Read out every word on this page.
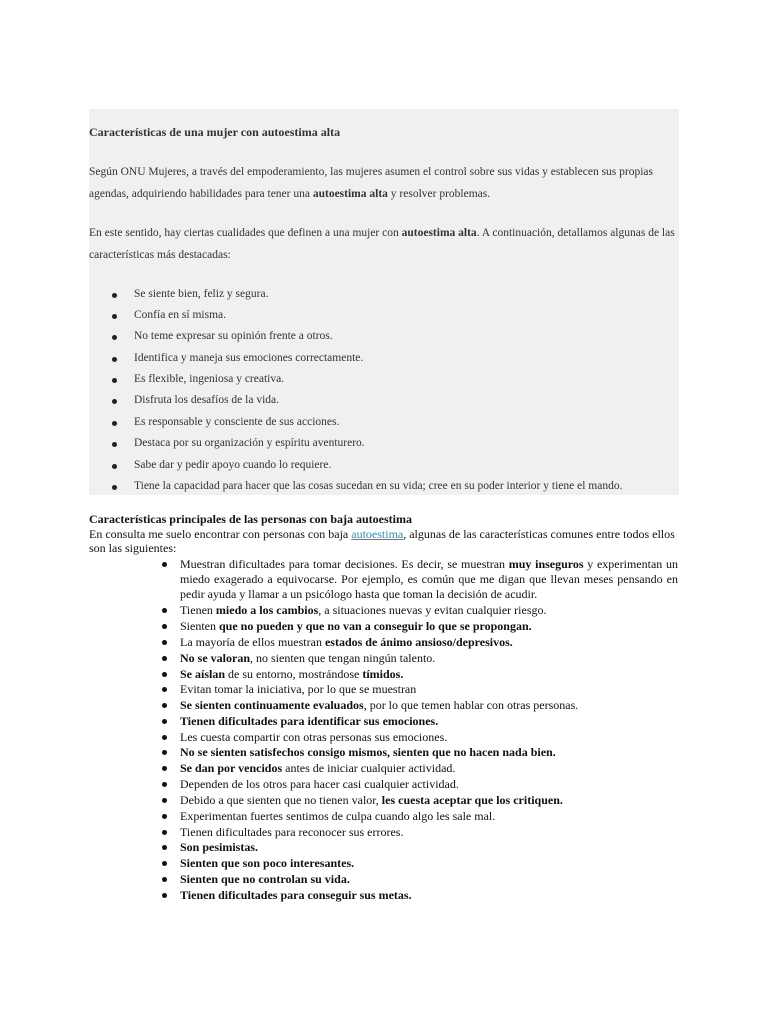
Características de una mujer con autoestima alta
Según ONU Mujeres, a través del empoderamiento, las mujeres asumen el control sobre sus vidas y establecen sus propias agendas, adquiriendo habilidades para tener una autoestima alta y resolver problemas.
En este sentido, hay ciertas cualidades que definen a una mujer con autoestima alta. A continuación, detallamos algunas de las características más destacadas:
Se siente bien, feliz y segura.
Confía en sí misma.
No teme expresar su opinión frente a otros.
Identifica y maneja sus emociones correctamente.
Es flexible, ingeniosa y creativa.
Disfruta los desafíos de la vida.
Es responsable y consciente de sus acciones.
Destaca por su organización y espíritu aventurero.
Sabe dar y pedir apoyo cuando lo requiere.
Tiene la capacidad para hacer que las cosas sucedan en su vida; cree en su poder interior y tiene el mando.
Características principales de las personas con baja autoestima
En consulta me suelo encontrar con personas con baja autoestima, algunas de las características comunes entre todos ellos son las siguientes:
Muestran dificultades para tomar decisiones. Es decir, se muestran muy inseguros y experimentan un miedo exagerado a equivocarse. Por ejemplo, es común que me digan que llevan meses pensando en pedir ayuda y llamar a un psicólogo hasta que toman la decisión de acudir.
Tienen miedo a los cambios, a situaciones nuevas y evitan cualquier riesgo.
Sienten que no pueden y que no van a conseguir lo que se propongan.
La mayoría de ellos muestran estados de ánimo ansioso/depresivos.
No se valoran, no sienten que tengan ningún talento.
Se aíslan de su entorno, mostrándose tímidos.
Evitan tomar la iniciativa, por lo que se muestran
Se sienten continuamente evaluados, por lo que temen hablar con otras personas.
Tienen dificultades para identificar sus emociones.
Les cuesta compartir con otras personas sus emociones.
No se sienten satisfechos consigo mismos, sienten que no hacen nada bien.
Se dan por vencidos antes de iniciar cualquier actividad.
Dependen de los otros para hacer casi cualquier actividad.
Debido a que sienten que no tienen valor, les cuesta aceptar que los critiquen.
Experimentan fuertes sentimos de culpa cuando algo les sale mal.
Tienen dificultades para reconocer sus errores.
Son pesimistas.
Sienten que son poco interesantes.
Sienten que no controlan su vida.
Tienen dificultades para conseguir sus metas.
